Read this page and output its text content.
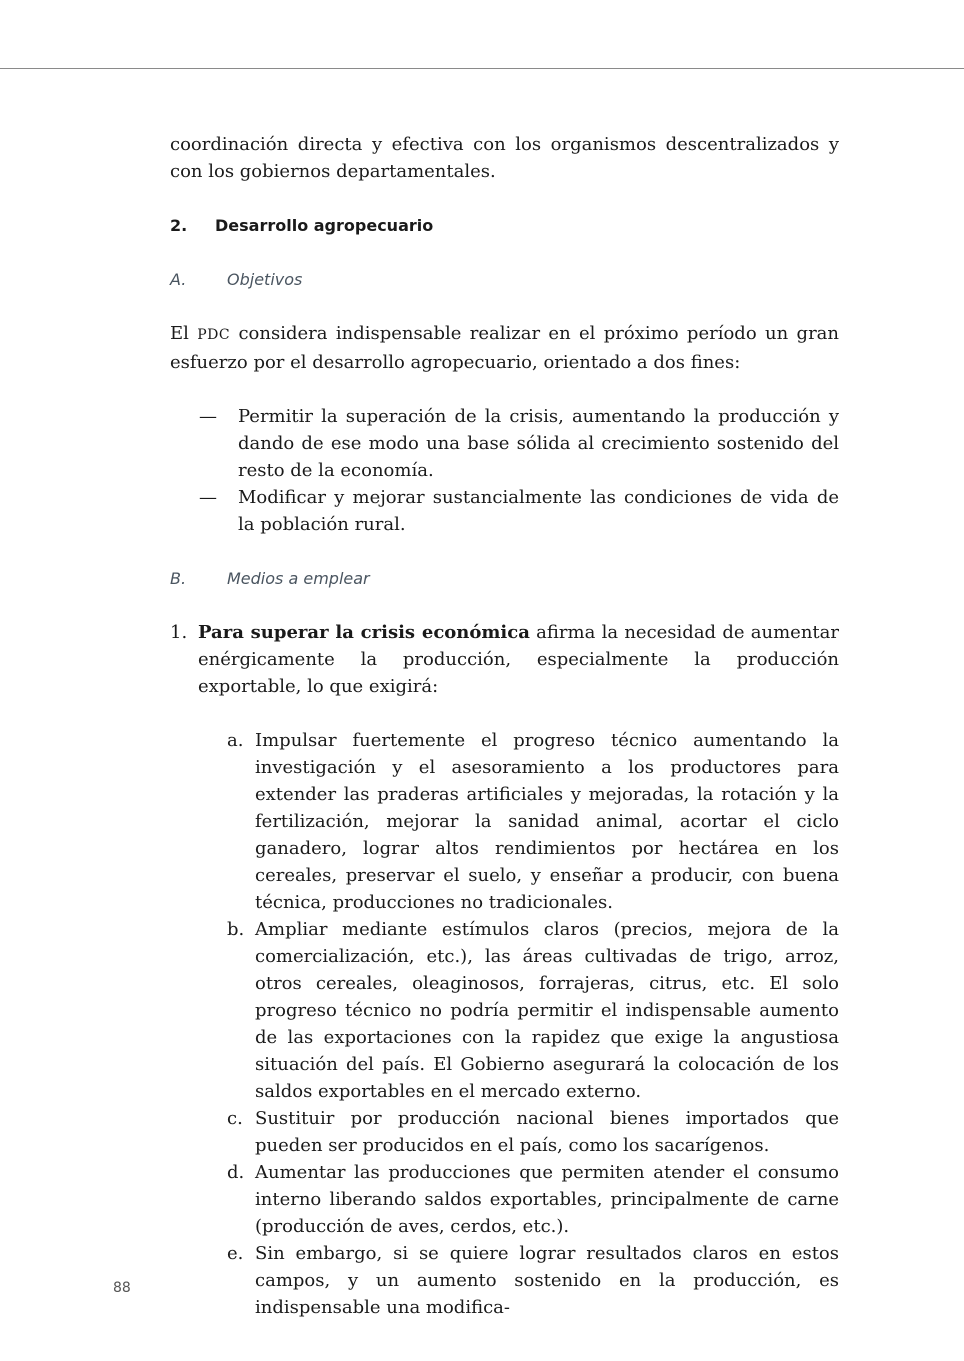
coordinación directa y efectiva con los organismos descentralizados y con los gobiernos departamentales.

2.	Desarrollo agropecuario
A.	Objetivos

El PDC considera indispensable realizar en el próximo período un gran esfuerzo por el desarrollo agropecuario, orientado a dos fines:

—	Permitir la superación de la crisis, aumentando la producción y dando de ese modo una base sólida al crecimiento sostenido del resto de la economía.
—	Modificar y mejorar sustancialmente las condiciones de vida de la población rural.
B.	Medios a emplear
1. Para superar la crisis económica afirma la necesidad de aumentar enérgicamente la producción, especialmente la producción exportable, lo que exigirá:
a. Impulsar fuertemente el progreso técnico aumentando la investigación y el asesoramiento a los productores para extender las praderas artificiales y mejoradas, la rotación y la fertilización, mejorar la sanidad animal, acortar el ciclo ganadero, lograr altos rendimientos por hectárea en los cereales, preservar el suelo, y enseñar a producir, con buena técnica, producciones no tradicionales.
b. Ampliar mediante estímulos claros (precios, mejora de la comercialización, etc.), las áreas cultivadas de trigo, arroz, otros cereales, oleaginosos, forrajeras, citrus, etc. El solo progreso técnico no podría permitir el indispensable aumento de las exportaciones con la rapidez que exige la angustiosa situación del país. El Gobierno asegurará la colocación de los saldos exportables en el mercado externo.
c. Sustituir por producción nacional bienes importados que pueden ser producidos en el país, como los sacarígenos.
d. Aumentar las producciones que permiten atender el consumo interno liberando saldos exportables, principalmente de carne (producción de aves, cerdos, etc.).
e. Sin embargo, si se quiere lograr resultados claros en estos campos, y un aumento sostenido en la producción, es indispensable una modifica-
88
